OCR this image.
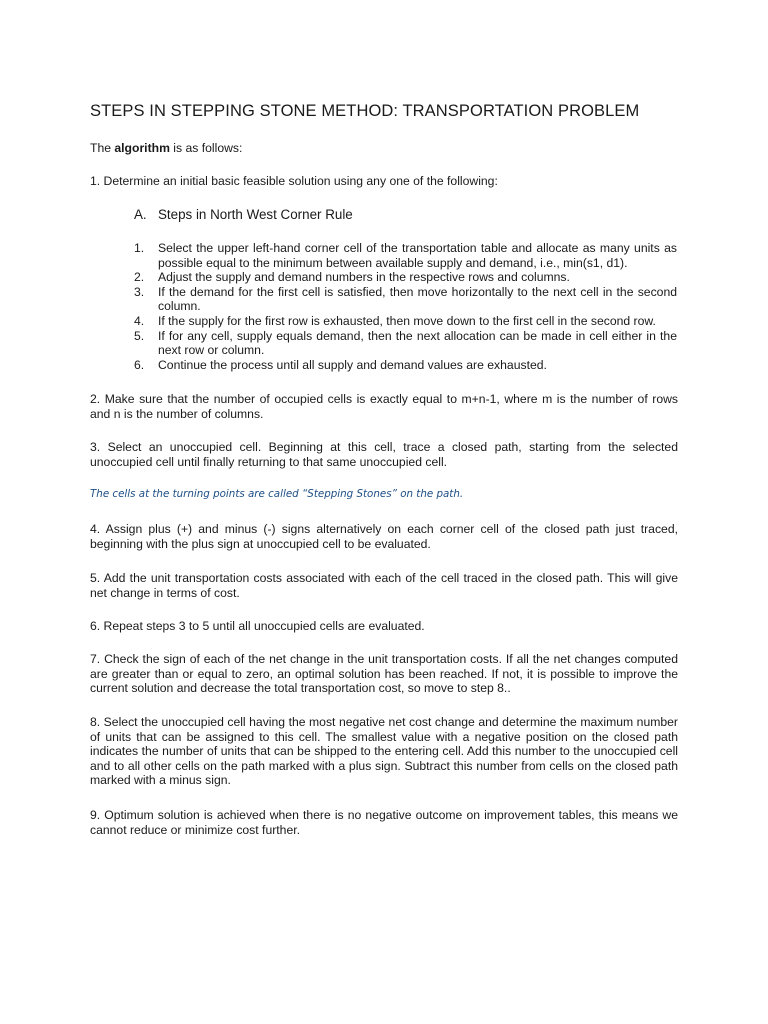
STEPS IN STEPPING STONE METHOD: TRANSPORTATION PROBLEM

The algorithm is as follows:

1. Determine an initial basic feasible solution using any one of the following:

A. Steps in North West Corner Rule
1. Select the upper left-hand corner cell of the transportation table and allocate as many units as possible equal to the minimum between available supply and demand, i.e., min(s1, d1).
2. Adjust the supply and demand numbers in the respective rows and columns.
3. If the demand for the first cell is satisfied, then move horizontally to the next cell in the second column.
4. If the supply for the first row is exhausted, then move down to the first cell in the second row.
5. If for any cell, supply equals demand, then the next allocation can be made in cell either in the next row or column.
6. Continue the process until all supply and demand values are exhausted.

2. Make sure that the number of occupied cells is exactly equal to m+n-1, where m is the number of rows and n is the number of columns.

3. Select an unoccupied cell. Beginning at this cell, trace a closed path, starting from the selected unoccupied cell until finally returning to that same unoccupied cell.

The cells at the turning points are called “Stepping Stones” on the path.

4. Assign plus (+) and minus (-) signs alternatively on each corner cell of the closed path just traced, beginning with the plus sign at unoccupied cell to be evaluated.

5. Add the unit transportation costs associated with each of the cell traced in the closed path. This will give net change in terms of cost.

6. Repeat steps 3 to 5 until all unoccupied cells are evaluated.

7. Check the sign of each of the net change in the unit transportation costs. If all the net changes computed are greater than or equal to zero, an optimal solution has been reached. If not, it is possible to improve the current solution and decrease the total transportation cost, so move to step 8..

8. Select the unoccupied cell having the most negative net cost change and determine the maximum number of units that can be assigned to this cell. The smallest value with a negative position on the closed path indicates the number of units that can be shipped to the entering cell. Add this number to the unoccupied cell and to all other cells on the path marked with a plus sign. Subtract this number from cells on the closed path marked with a minus sign.

9. Optimum solution is achieved when there is no negative outcome on improvement tables, this means we cannot reduce or minimize cost further.
